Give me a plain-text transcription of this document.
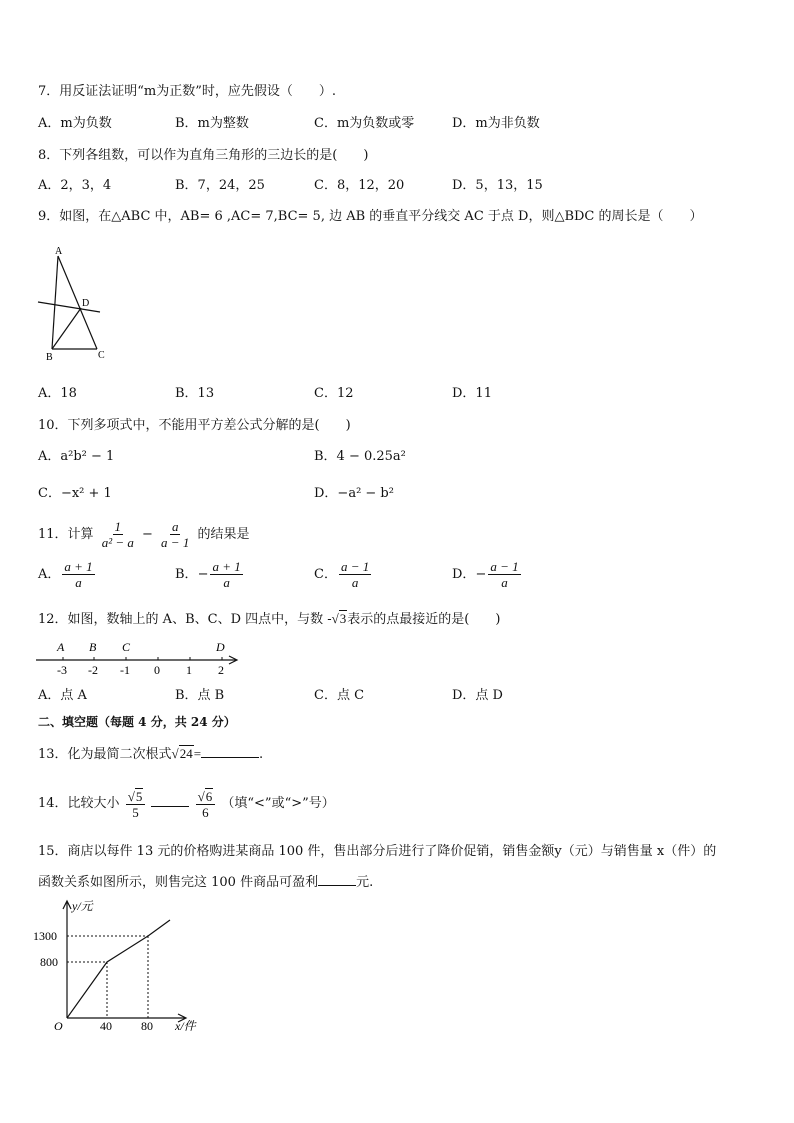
7．用反证法证明“m为正数”时，应先假设（　　）.
A．m为负数	B．m为整数	C．m为负数或零	D．m为非负数
8．下列各组数，可以作为直角三角形的三边长的是(　　)
A．2，3，4	B．7，24，25	C．8，12，20	D．5，13，15
9．如图，在△ABC 中，AB= 6 ,AC= 7,BC= 5, 边 AB 的垂直平分线交 AC 于点 D，则△BDC 的周长是（　　）
A
B	C
D
A．18	B．13	C．12	D．11
10．下列多项式中，不能用平方差公式分解的是(　　)
A．a²b² − 1	B．4 − 0.25a²
C．−x² + 1	D．−a² − b²
11．计算 $\frac{1}{\text{a² − a}} - \frac{a}{a - 1}$ 的结果是
A． $\frac{a + 1}{a}$	B．− $\frac{a + 1}{a}$	C． $\frac{a - 1}{a}$	D．− $\frac{a - 1}{a}$
12．如图，数轴上的 A、B、C、D 四点中，与数 -√3表示的点最接近的是(　　)
A B C	D
-3 -2 -1 0 1 2
A．点 A	B．点 B	C．点 C	D．点 D
二、填空题（每题 4 分，共 24 分）
13．化为最简二次根式√24=	.
14．比较大小 $\frac{√5}{5}$
	$\frac{√6}{6}$ （填“<”或“>”号）
15．商店以每件 13 元的价格购进某商品 100 件，售出部分后进行了降价促销，销售金额y（元）与销售量 x（件）的
函数关系如图所示，则售完这 100 件商品可盈利	元.
y/元
x/件
O
1300
800
40 80
